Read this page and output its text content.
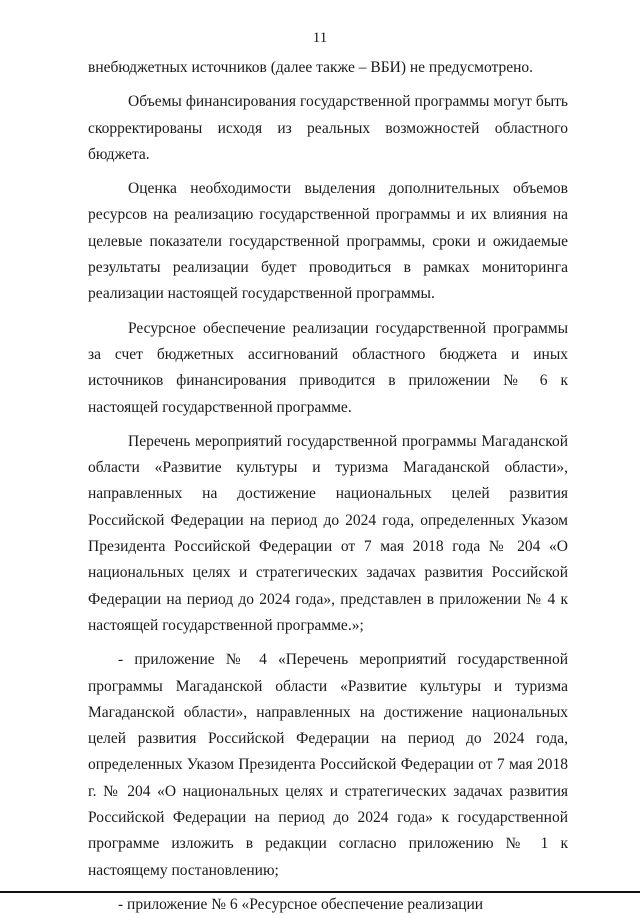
11

внебюджетных источников (далее также – ВБИ) не предусмотрено.

Объемы финансирования государственной программы могут быть скорректированы исходя из реальных возможностей областного бюджета.

Оценка необходимости выделения дополнительных объемов ресурсов на реализацию государственной программы и их влияния на целевые показатели государственной программы, сроки и ожидаемые результаты реализации будет проводиться в рамках мониторинга реализации настоящей государственной программы.

Ресурсное обеспечение реализации государственной программы за счет бюджетных ассигнований областного бюджета и иных источников финансирования приводится в приложении № 6 к настоящей государственной программе.

Перечень мероприятий государственной программы Магаданской области «Развитие культуры и туризма Магаданской области», направленных на достижение национальных целей развития Российской Федерации на период до 2024 года, определенных Указом Президента Российской Федерации от 7 мая 2018 года № 204 «О национальных целях и стратегических задачах развития Российской Федерации на период до 2024 года», представлен в приложении № 4 к настоящей государственной программе.»;

- приложение № 4 «Перечень мероприятий государственной программы Магаданской области «Развитие культуры и туризма Магаданской области», направленных на достижение национальных целей развития Российской Федерации на период до 2024 года, определенных Указом Президента Российской Федерации от 7 мая 2018 г. № 204 «О национальных целях и стратегических задачах развития Российской Федерации на период до 2024 года» к государственной программе изложить в редакции согласно приложению № 1 к настоящему постановлению;

- приложение № 6 «Ресурсное обеспечение реализации
